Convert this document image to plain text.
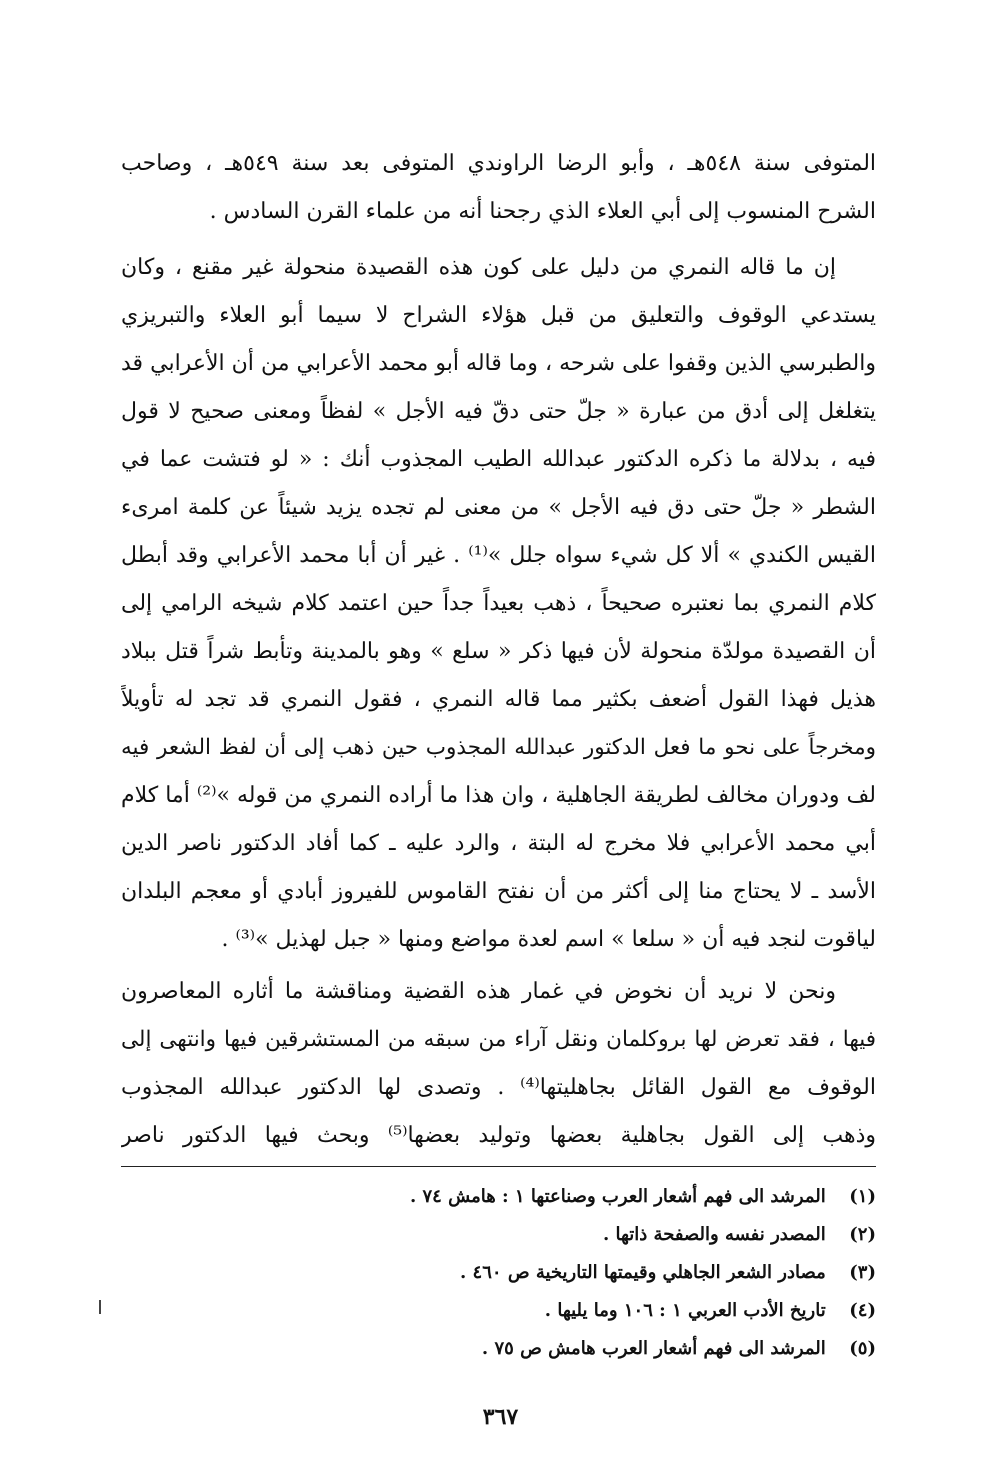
المتوفى سنة ٥٤٨هـ ، وأبو الرضا الراوندي المتوفى بعد سنة ٥٤٩هـ ، وصاحب
الشرح المنسوب إلى أبي العلاء الذي رجحنا أنه من علماء القرن السادس .
إن ما قاله النمري من دليل على كون هذه القصيدة منحولة غير مقنع ، وكان
يستدعي الوقوف والتعليق من قبل هؤلاء الشراح لا سيما أبو العلاء والتبريزي
والطبرسي الذين وقفوا على شرحه ، وما قاله أبو محمد الأعرابي من أن الأعرابي قد
يتغلغل إلى أدق من عبارة « جلّ حتى دقّ فيه الأجل » لفظاً ومعنى صحيح لا قول
فيه ، بدلالة ما ذكره الدكتور عبدالله الطيب المجذوب أنك : « لو فتشت عما في
الشطر « جلّ حتى دق فيه الأجل » من معنى لم تجده يزيد شيئاً عن كلمة امرىء
القيس الكندي » ألا كل شيء سواه جلل »⁽¹⁾ . غير أن أبا محمد الأعرابي وقد أبطل
كلام النمري بما نعتبره صحيحاً ، ذهب بعيداً جداً حين اعتمد كلام شيخه الرامي إلى
أن القصيدة مولدّة منحولة لأن فيها ذكر « سلع » وهو بالمدينة وتأبط شراً قتل ببلاد
هذيل فهذا القول أضعف بكثير مما قاله النمري ، فقول النمري قد تجد له تأويلاً
ومخرجاً على نحو ما فعل الدكتور عبدالله المجذوب حين ذهب إلى أن لفظ الشعر فيه
لف ودوران مخالف لطريقة الجاهلية ، وان هذا ما أراده النمري من قوله »⁽²⁾ أما كلام
أبي محمد الأعرابي فلا مخرج له البتة ، والرد عليه ـ كما أفاد الدكتور ناصر الدين
الأسد ـ لا يحتاج منا إلى أكثر من أن نفتح القاموس للفيروز أبادي أو معجم البلدان
لياقوت لنجد فيه أن « سلعا » اسم لعدة مواضع ومنها « جبل لهذيل »⁽³⁾ .
ونحن لا نريد أن نخوض في غمار هذه القضية ومناقشة ما أثاره المعاصرون
فيها ، فقد تعرض لها بروكلمان ونقل آراء من سبقه من المستشرقين فيها وانتهى إلى
الوقوف مع القول القائل بجاهليتها⁽⁴⁾ . وتصدى لها الدكتور عبدالله المجذوب
وذهب إلى القول بجاهلية بعضها وتوليد بعضها⁽⁵⁾ وبحث فيها الدكتور ناصر
(١) المرشد الى فهم أشعار العرب وصناعتها ١ : هامش ٧٤ .
(٢) المصدر نفسه والصفحة ذاتها .
(٣) مصادر الشعر الجاهلي وقيمتها التاريخية ص ٤٦٠ .
(٤) تاريخ الأدب العربي ١ : ١٠٦ وما يليها .
(٥) المرشد الى فهم أشعار العرب هامش ص ٧٥ .
٣٦٧
